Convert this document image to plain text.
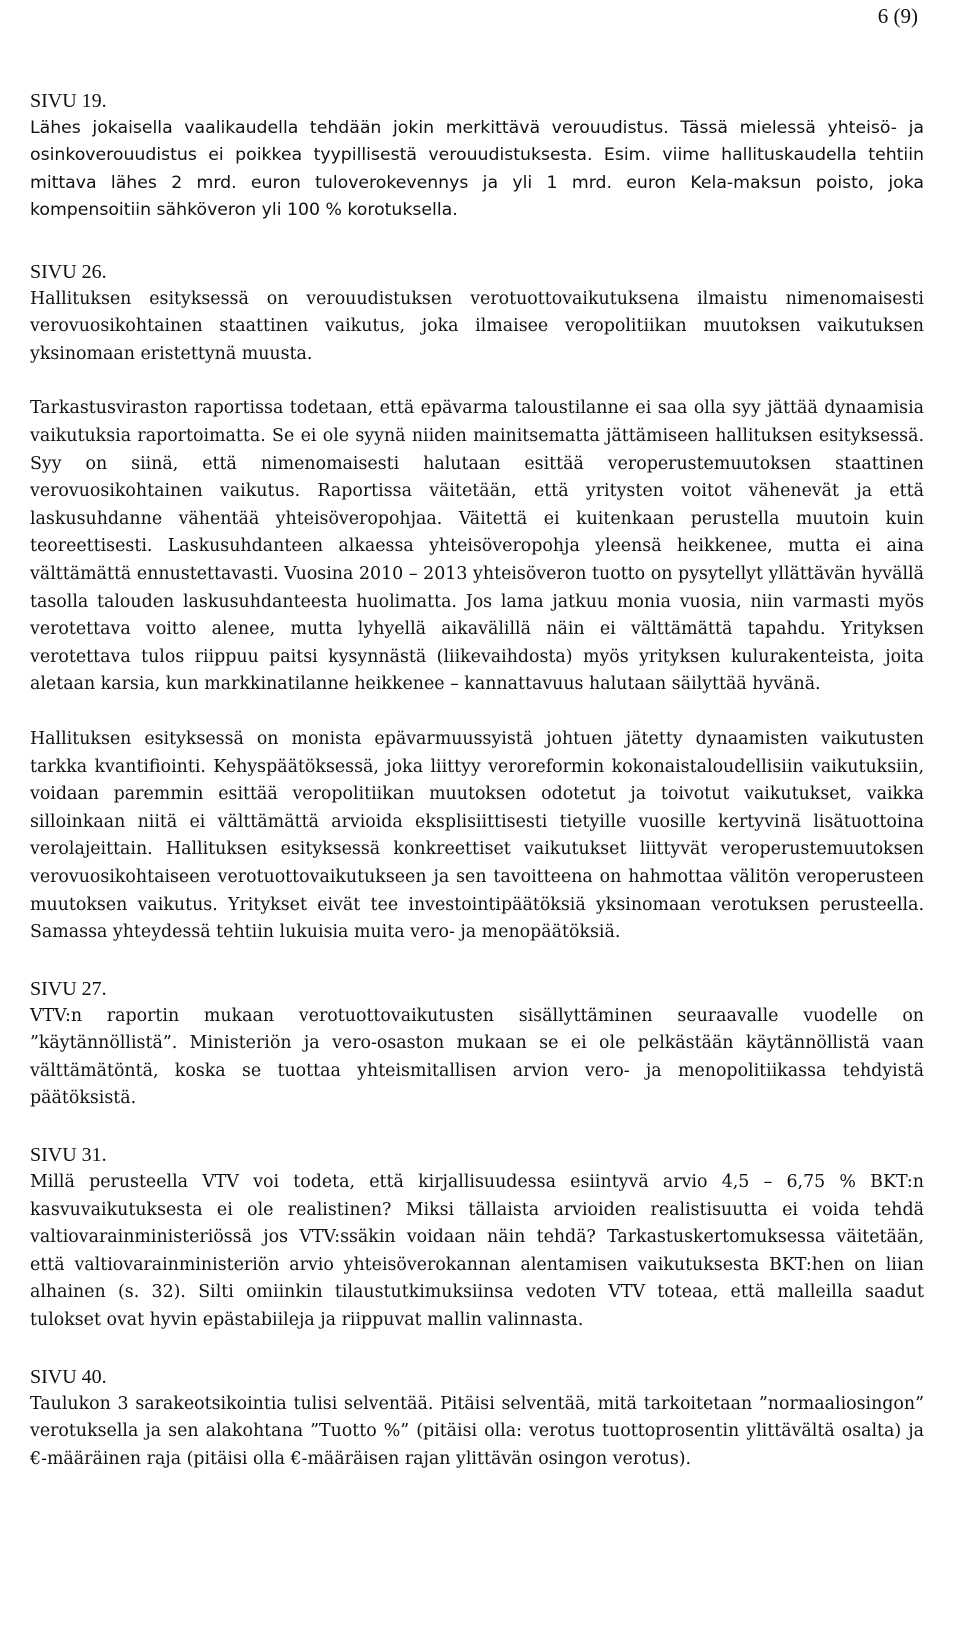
6 (9)
SIVU 19.

Lähes jokaisella vaalikaudella tehdään jokin merkittävä verouudistus. Tässä mielessä yhteisö- ja osinkoverouudistus ei poikkea tyypillisestä verouudistuksesta. Esim. viime hallituskaudella tehtiin mittava lähes 2 mrd. euron tuloverokevennys ja yli 1 mrd. euron Kela-maksun poisto, joka kompensoitiin sähköveron yli 100 % korotuksella.

SIVU 26.

Hallituksen esityksessä on verouudistuksen verotuottovaikutuksena ilmaistu nimenomaisesti verovuosikohtainen staattinen vaikutus, joka ilmaisee veropolitiikan muutoksen vaikutuksen yksinomaan eristettynä muusta.

Tarkastusviraston raportissa todetaan, että epävarma taloustilanne ei saa olla syy jättää dynaamisia vaikutuksia raportoimatta. Se ei ole syynä niiden mainitsematta jättämiseen hallituksen esityksessä. Syy on siinä, että nimenomaisesti halutaan esittää veroperustemuutoksen staattinen verovuosikohtainen vaikutus. Raportissa väitetään, että yritysten voitot vähenevät ja että laskusuhdanne vähentää yhteisöveropohjaa. Väitettä ei kuitenkaan perustella muutoin kuin teoreettisesti. Laskusuhdanteen alkaessa yhteisöveropohja yleensä heikkenee, mutta ei aina välttämättä ennustettavasti. Vuosina 2010 – 2013 yhteisöveron tuotto on pysytellyt yllättävän hyvällä tasolla talouden laskusuhdanteesta huolimatta. Jos lama jatkuu monia vuosia, niin varmasti myös verotettava voitto alenee, mutta lyhyellä aikavälillä näin ei välttämättä tapahdu. Yrityksen verotettava tulos riippuu paitsi kysynnästä (liikevaihdosta) myös yrityksen kulurakenteista, joita aletaan karsia, kun markkinatilanne heikkenee – kannattavuus halutaan säilyttää hyvänä.

Hallituksen esityksessä on monista epävarmuussyistä johtuen jätetty dynaamisten vaikutusten tarkka kvantifiointi. Kehyspäätöksessä, joka liittyy veroreformin kokonaistaloudellisiin vaikutuksiin, voidaan paremmin esittää veropolitiikan muutoksen odotetut ja toivotut vaikutukset, vaikka silloinkaan niitä ei välttämättä arvioida eksplisiittisesti tietyille vuosille kertyvinä lisätuottoina verolajeittain. Hallituksen esityksessä konkreettiset vaikutukset liittyvät veroperustemuutoksen verovuosikohtaiseen verotuottovaikutukseen ja sen tavoitteena on hahmottaa välitön veroperusteen muutoksen vaikutus. Yritykset eivät tee investointipäätöksiä yksinomaan verotuksen perusteella. Samassa yhteydessä tehtiin lukuisia muita vero- ja menopäätöksiä.

SIVU 27.

VTV:n raportin mukaan verotuottovaikutusten sisällyttäminen seuraavalle vuodelle on ”käytännöllistä”. Ministeriön ja vero-osaston mukaan se ei ole pelkästään käytännöllistä vaan välttämätöntä, koska se tuottaa yhteismitallisen arvion vero- ja menopolitiikassa tehdyistä päätöksistä.

SIVU 31.

Millä perusteella VTV voi todeta, että kirjallisuudessa esiintyvä arvio 4,5 – 6,75 % BKT:n kasvuvaikutuksesta ei ole realistinen? Miksi tällaista arvioiden realistisuutta ei voida tehdä valtiovarainministeriössä jos VTV:ssäkin voidaan näin tehdä? Tarkastuskertomuksessa väitetään, että valtiovarainministeriön arvio yhteisöverokannan alentamisen vaikutuksesta BKT:hen on liian alhainen (s. 32). Silti omiinkin tilaustutkimuksiinsa vedoten VTV toteaa, että malleilla saadut tulokset ovat hyvin epästabiileja ja riippuvat mallin valinnasta.

SIVU 40.

Taulukon 3 sarakeotsikointia tulisi selventää. Pitäisi selventää, mitä tarkoitetaan ”normaaliosingon” verotuksella ja sen alakohtana ”Tuotto %” (pitäisi olla: verotus tuottoprosentin ylittävältä osalta) ja €-määräinen raja (pitäisi olla €-määräisen rajan ylittävän osingon verotus).
